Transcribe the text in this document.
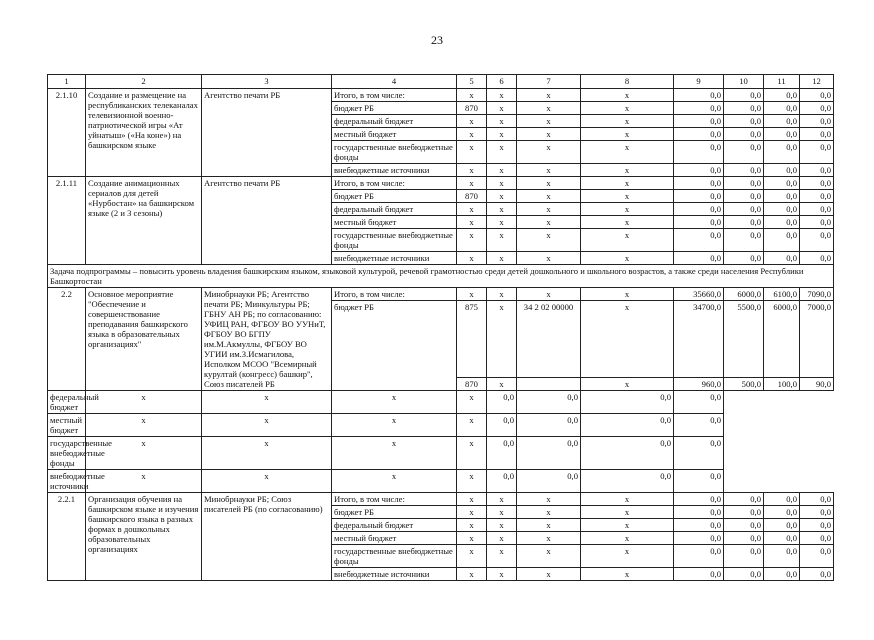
23
1	2	3	4	5	6	7	8	9	10	11	12
2.1.10	Создание и размещение на республиканских телеканалах телевизионной военно-патриотической игры «Ат уйнатыш» («На коне») на башкирском языке	Агентство печати РБ	Итого, в том числе:	х	х	х	х	0,0	0,0	0,0	0,0
			бюджет РБ	870	х	х	х	0,0	0,0	0,0	0,0
			федеральный бюджет	х	х	х	х	0,0	0,0	0,0	0,0
			местный бюджет	х	х	х	х	0,0	0,0	0,0	0,0
			государственные внебюджетные фонды	х	х	х	х	0,0	0,0	0,0	0,0
			внебюджетные источники	х	х	х	х	0,0	0,0	0,0	0,0
2.1.11	Создание анимационных сериалов для детей «Нурбостан» на башкирском языке (2 и 3 сезоны)	Агентство печати РБ	Итого, в том числе:	х	х	х	х	0,0	0,0	0,0	0,0
			бюджет РБ	870	х	х	х	0,0	0,0	0,0	0,0
			федеральный бюджет	х	х	х	х	0,0	0,0	0,0	0,0
			местный бюджет	х	х	х	х	0,0	0,0	0,0	0,0
			государственные внебюджетные фонды	х	х	х	х	0,0	0,0	0,0	0,0
			внебюджетные источники	х	х	х	х	0,0	0,0	0,0	0,0
Задача подпрограммы – повысить уровень владения башкирским языком, языковой культурой, речевой грамотностью среди детей дошкольного и школьного возрастов, а также среди населения Республики Башкортостан											
2.2	Основное мероприятие "Обеспечение и совершенствование преподавания башкирского языка в образовательных организациях"	Минобрнауки РБ; Агентство печати РБ; Минкультуры РБ; ГБНУ АН РБ; по согласованию: УФИЦ РАН, ФГБОУ ВО УУНиТ, ФГБОУ ВО БГПУ им.М.Акмуллы, ФГБОУ ВО УГИИ им.З.Исмагилова, Исполком МСОО "Всемирный курултай (конгресс) башкир", Союз писателей РБ	Итого, в том числе:	х	х	х	х	35660,0	6000,0	6100,0	7090,0
			бюджет РБ	875	х	34 2 02 00000	х	34700,0	5500,0	6000,0	7000,0
				870	х		х	960,0	500,0	100,0	90,0
федеральный бюджет	х	х	х	х	0,0	0,0	0,0	0,0			
местный бюджет	х	х	х	х	0,0	0,0	0,0	0,0			
государственные внебюджетные фонды	х	х	х	х	0,0	0,0	0,0	0,0			
внебюджетные источники	х	х	х	х	0,0	0,0	0,0	0,0			
2.2.1	Организация обучения на башкирском языке и изучения башкирского языка в разных формах в дошкольных образовательных организациях	Минобрнауки РБ; Союз писателей РБ (по согласованию)	Итого, в том числе:	х	х	х	х	0,0	0,0	0,0	0,0
			бюджет РБ	х	х	х	х	0,0	0,0	0,0	0,0
			федеральный бюджет	х	х	х	х	0,0	0,0	0,0	0,0
			местный бюджет	х	х	х	х	0,0	0,0	0,0	0,0
			государственные внебюджетные фонды	х	х	х	х	0,0	0,0	0,0	0,0
			внебюджетные источники	х	х	х	х	0,0	0,0	0,0	0,0
